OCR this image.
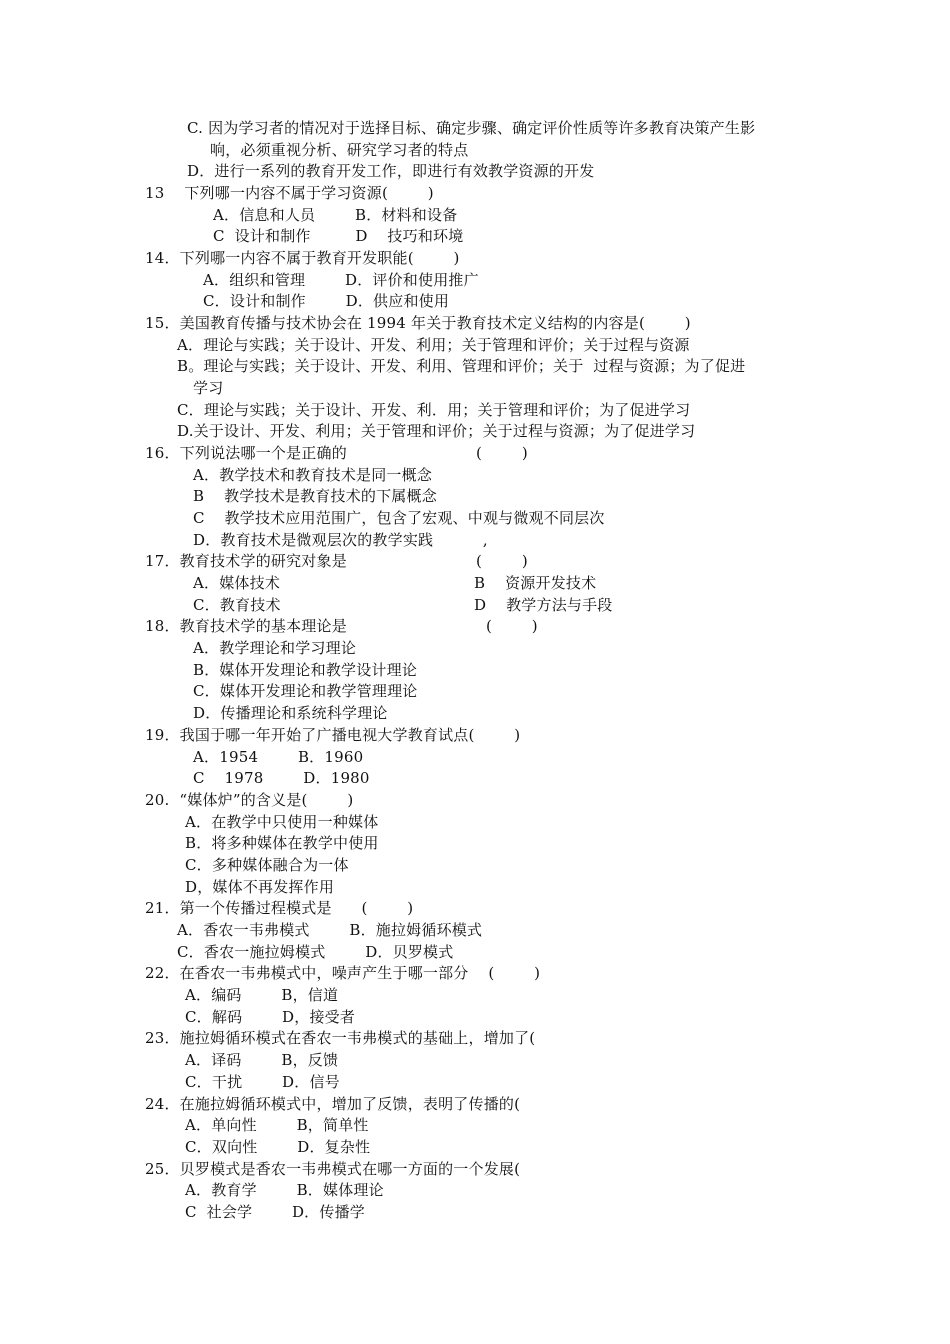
C. 因为学习者的情况对于选择目标、确定步骤、确定评价性质等许多教育决策产生影
响，必须重视分析、研究学习者的特点
D．进行一系列的教育开发工作，即进行有效教学资源的开发
13    下列哪一内容不属于学习资源(        )
A．信息和人员        B．材料和设备
C  设计和制作         D    技巧和环境
14．下列哪一内容不属于教育开发职能(        )
A．组织和管理        D．评价和使用推广
C．设计和制作        D．供应和使用
15．美国教育传播与技术协会在 1994 年关于教育技术定义结构的内容是(        )
A．理论与实践；关于设计、开发、利用；关于管理和评价；关于过程与资源
B。理论与实践；关于设计、开发、利用、管理和评价；关于  过程与资源；为了促进
学习
C．理论与实践；关于设计、开发、利．用；关于管理和评价；为了促进学习
D.关于设计、开发、利用；关于管理和评价；关于过程与资源；为了促进学习
16．下列说法哪一个是正确的                          (        )
A．教学技术和教育技术是同一概念
B    教学技术是教育技术的下属概念
C    教学技术应用范围广，包含了宏观、中观与微观不同层次
D．教育技术是微观层次的教学实践          ,
17．教育技术学的研究对象是                          (        )
A．媒体技术	B    资源开发技术
C．教育技术	D    教学方法与手段
18．教育技术学的基本理论是                            (        )
A．教学理论和学习理论
B．媒体开发理论和教学设计理论
C．媒体开发理论和教学管理理论
D．传播理论和系统科学理论
19．我国于哪一年开始了广播电视大学教育试点(        )
A．1954        B．1960
C    1978        D．1980
20.  “媒体炉”的含义是(        )
A．在教学中只使用一种媒体
B．将多种媒体在教学中使用
C．多种媒体融合为一体
D，媒体不再发挥作用
21．第一个传播过程模式是      (        )
A．香农一韦弗模式        B．施拉姆循环模式
C．香农一施拉姆模式        D．贝罗模式
22．在香农一韦弗模式中，噪声产生于哪一部分    (        )
A．编码        B，信道
C．解码        D，接受者
23．施拉姆循环模式在香农一韦弗模式的基础上，增加了(
A．译码        B，反馈
C．干扰        D．信号
24．在施拉姆循环模式中，增加了反馈，表明了传播的(
A．单向性        B，简单性
C．双向性        D．复杂性
25．贝罗模式是香农一韦弗模式在哪一方面的一个发展(
A．教育学        B．媒体理论
C  社会学        D．传播学
